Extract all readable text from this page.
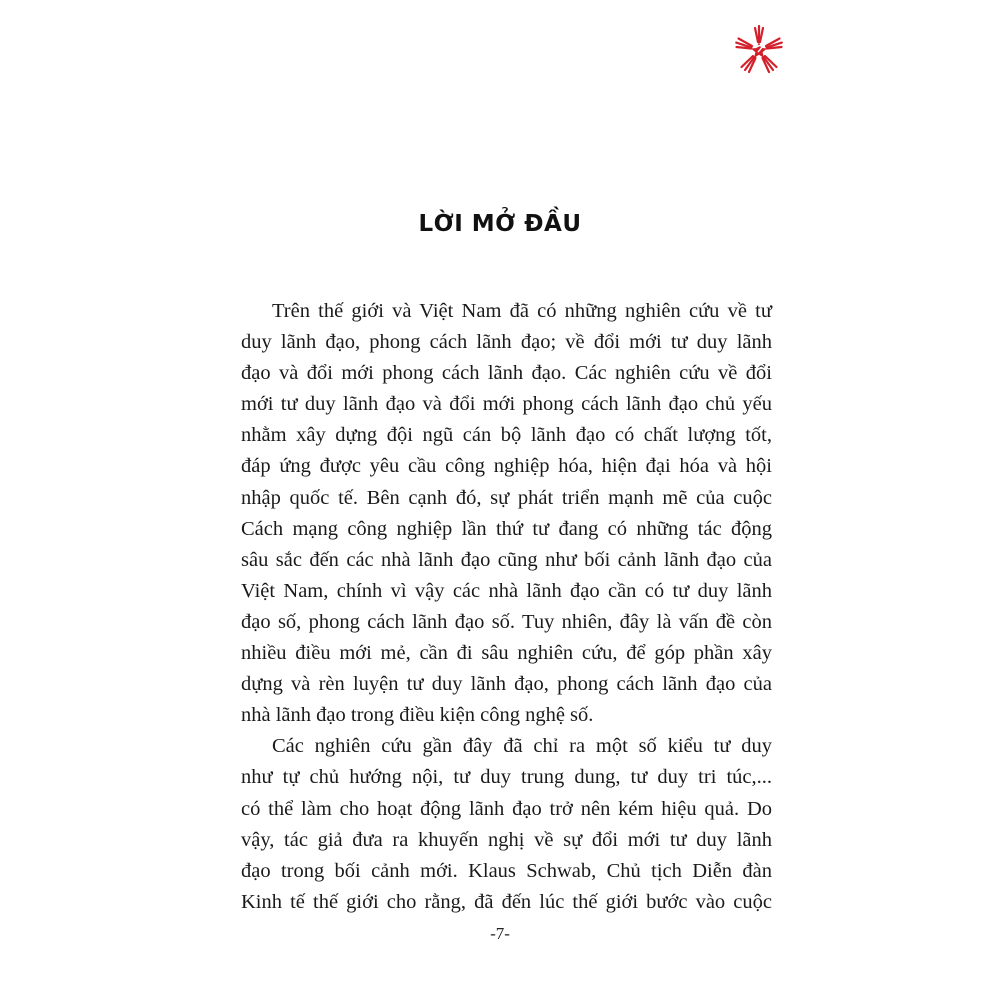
LỜI MỞ ĐẦU
Trên thế giới và Việt Nam đã có những nghiên cứu về tư
duy lãnh đạo, phong cách lãnh đạo; về đổi mới tư duy lãnh
đạo và đổi mới phong cách lãnh đạo. Các nghiên cứu về đổi
mới tư duy lãnh đạo và đổi mới phong cách lãnh đạo chủ yếu
nhằm xây dựng đội ngũ cán bộ lãnh đạo có chất lượng tốt,
đáp ứng được yêu cầu công nghiệp hóa, hiện đại hóa và hội
nhập quốc tế. Bên cạnh đó, sự phát triển mạnh mẽ của cuộc
Cách mạng công nghiệp lần thứ tư đang có những tác động
sâu sắc đến các nhà lãnh đạo cũng như bối cảnh lãnh đạo của
Việt Nam, chính vì vậy các nhà lãnh đạo cần có tư duy lãnh
đạo số, phong cách lãnh đạo số. Tuy nhiên, đây là vấn đề còn
nhiều điều mới mẻ, cần đi sâu nghiên cứu, để góp phần xây
dựng và rèn luyện tư duy lãnh đạo, phong cách lãnh đạo của
nhà lãnh đạo trong điều kiện công nghệ số.
Các nghiên cứu gần đây đã chỉ ra một số kiểu tư duy
như tự chủ hướng nội, tư duy trung dung, tư duy tri túc,...
có thể làm cho hoạt động lãnh đạo trở nên kém hiệu quả. Do
vậy, tác giả đưa ra khuyến nghị về sự đổi mới tư duy lãnh
đạo trong bối cảnh mới. Klaus Schwab, Chủ tịch Diễn đàn
Kinh tế thế giới cho rằng, đã đến lúc thế giới bước vào cuộc
-7-
